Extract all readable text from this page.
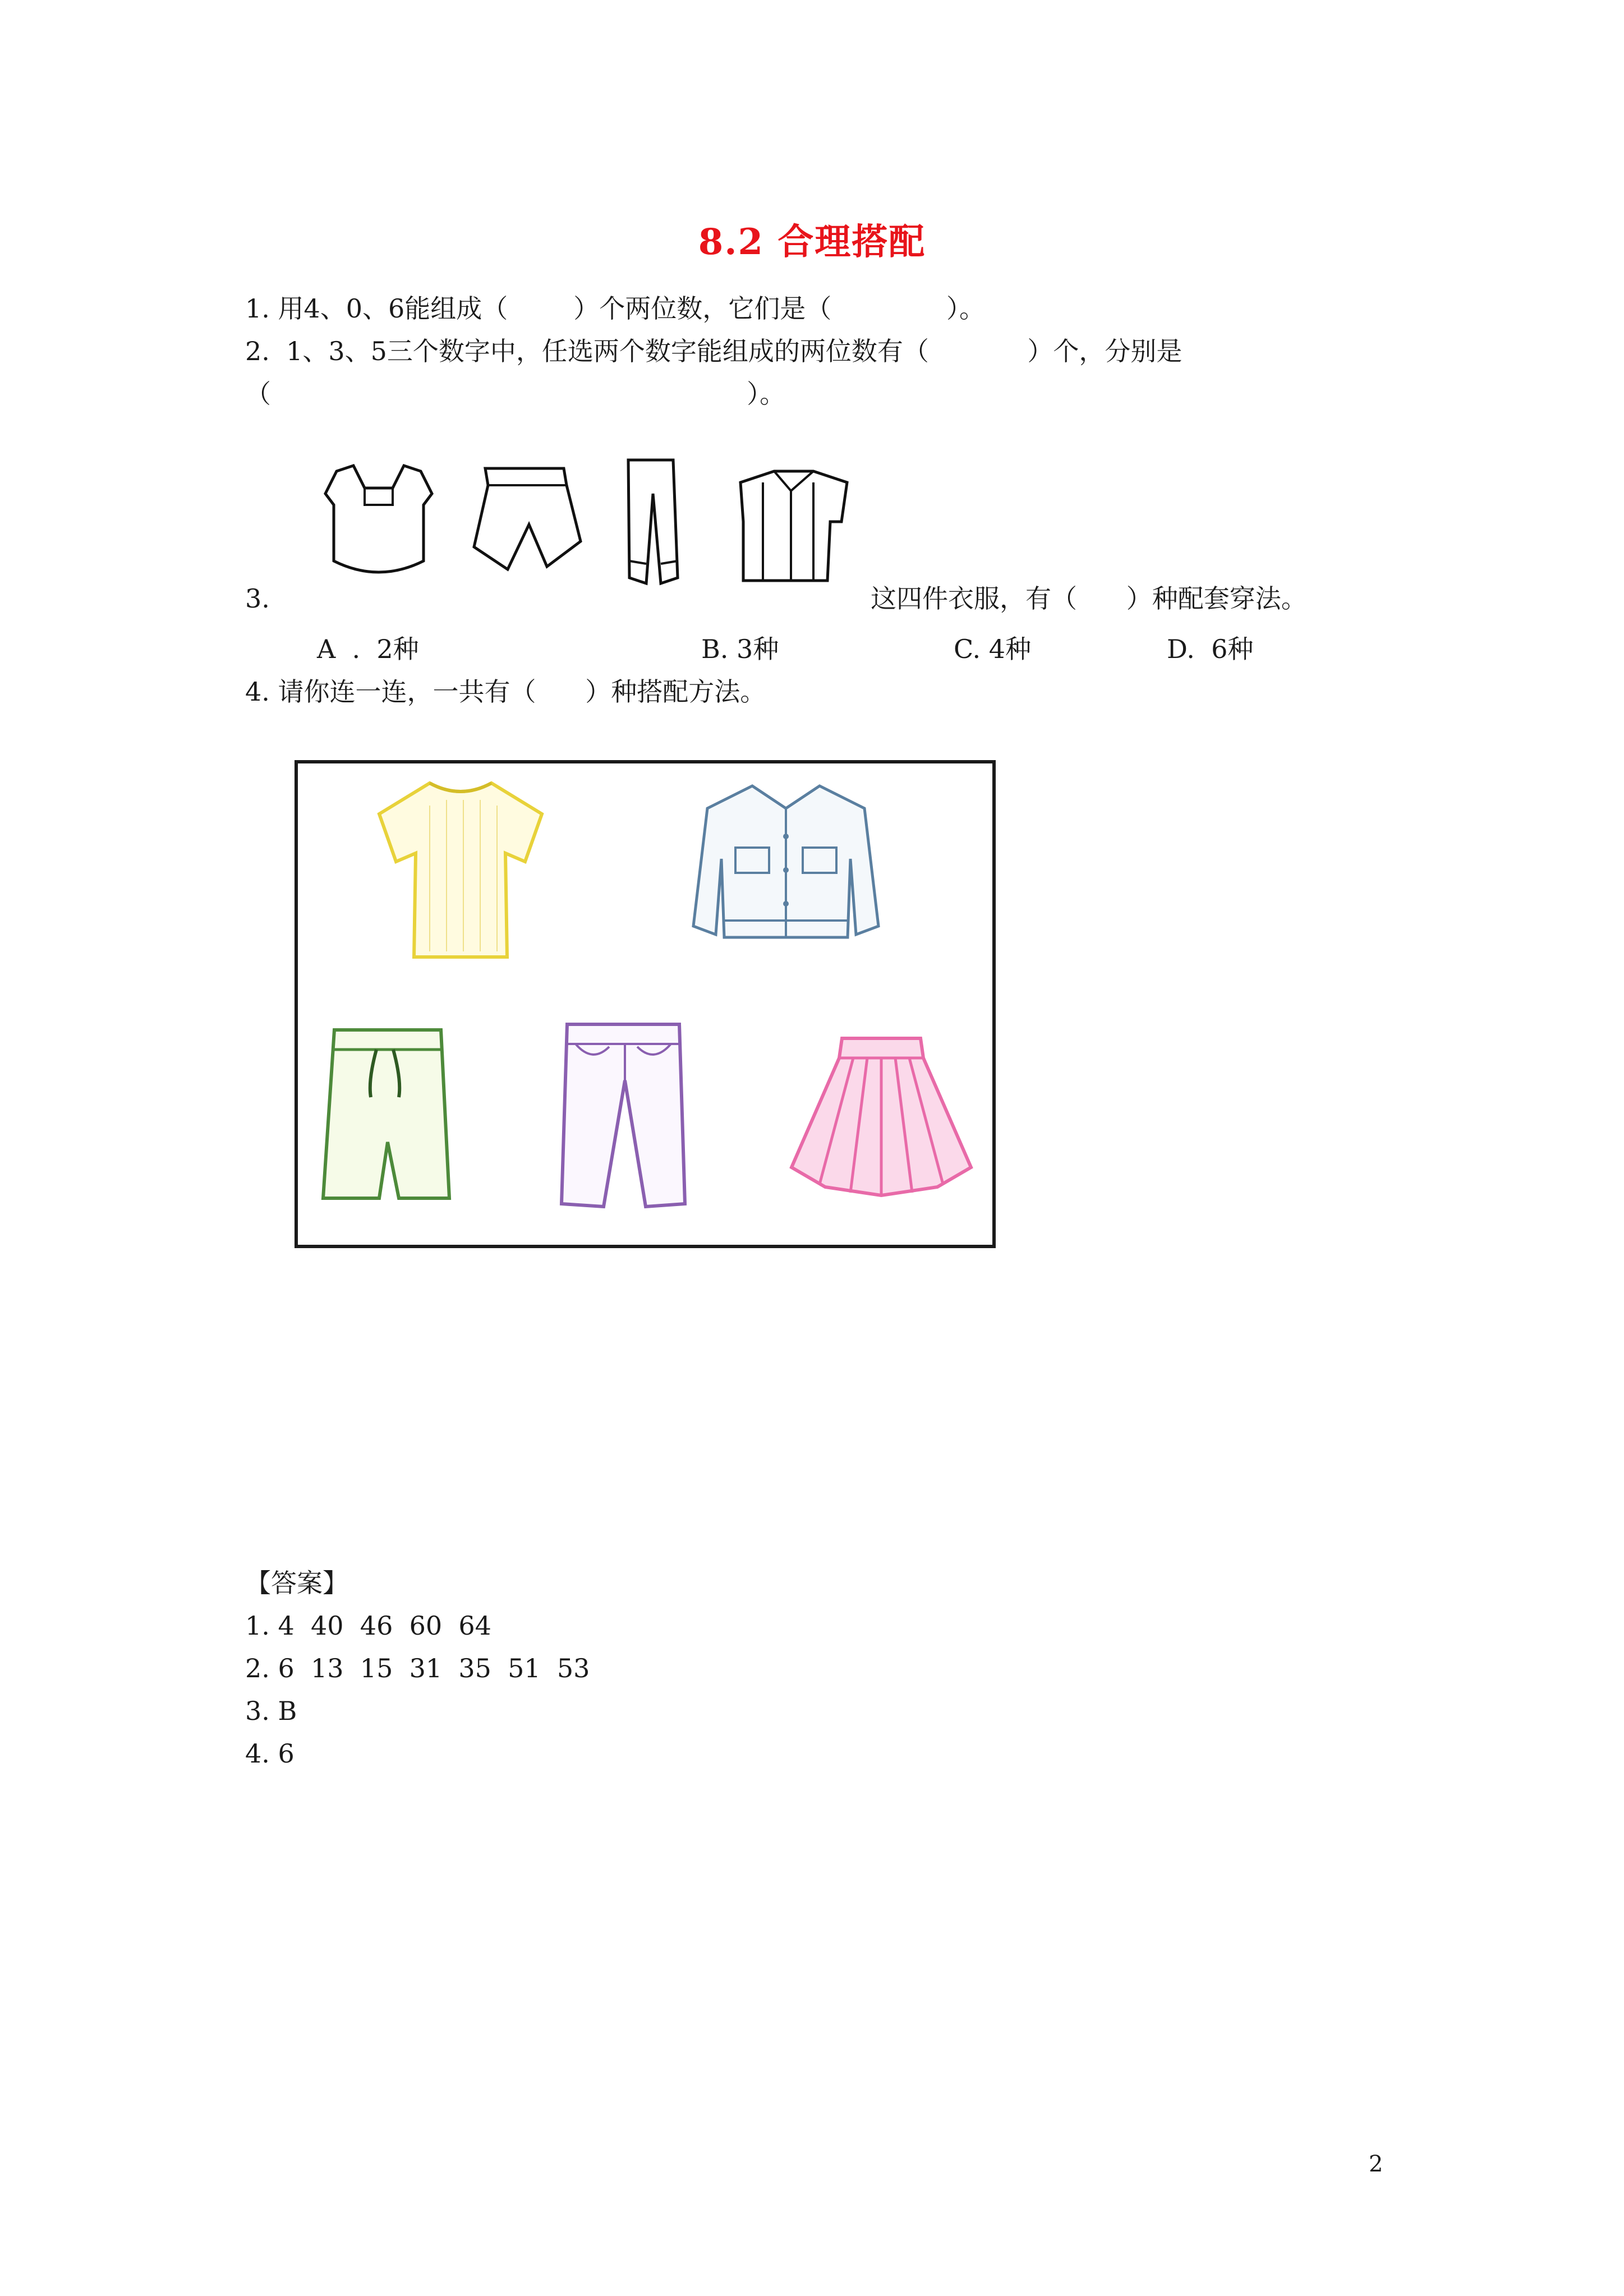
8.2 合理搭配
1. 用4、0、6能组成（        ）个两位数，它们是（              ）。
2.  1、3、5三个数字中，任选两个数字能组成的两位数有（            ）个，分别是
（                                                          ）。
3.	这四件衣服，有（      ）种配套穿法。
A  .  2种	B. 3种	C. 4种	D.  6种
4. 请你连一连，一共有（      ）种搭配方法。
【答案】
1. 4  40  46  60  64
2. 6  13  15  31  35  51  53
3. B
4. 6
2
